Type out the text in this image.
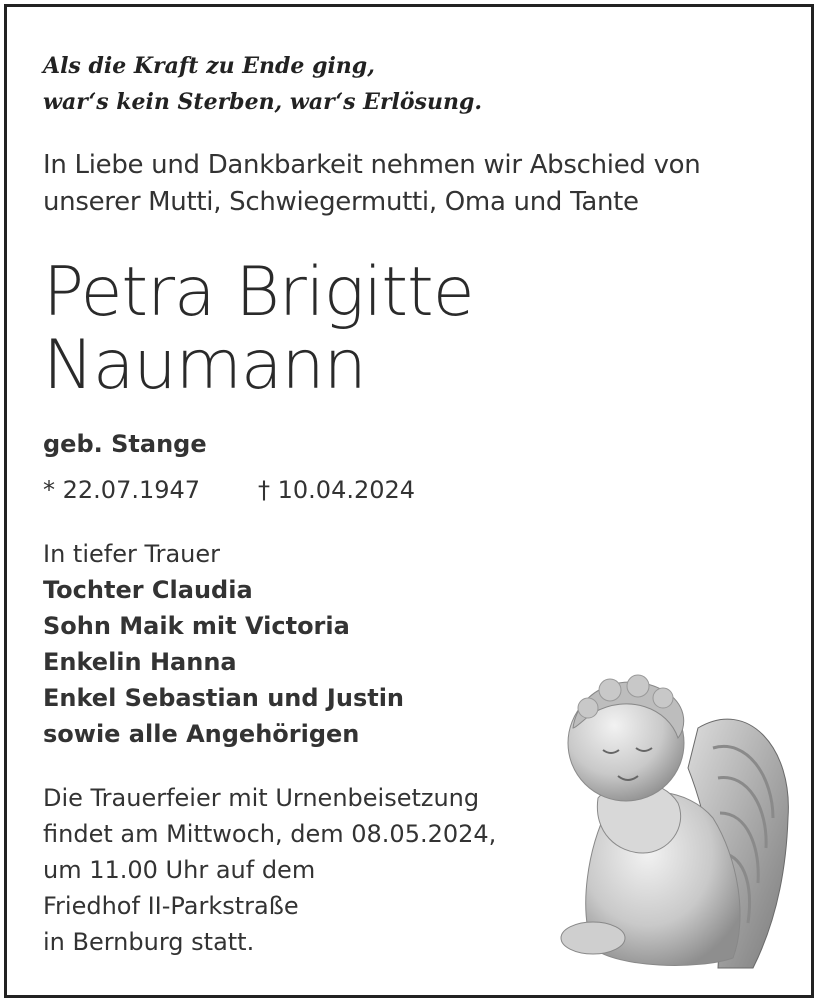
Als die Kraft zu Ende ging,
war‘s kein Sterben, war‘s Erlösung.
In Liebe und Dankbarkeit nehmen wir Abschied von
unserer Mutti, Schwiegermutti, Oma und Tante
Petra Brigitte
Naumann
geb. Stange
* 22.07.1947 † 10.04.2024
In tiefer Trauer
Tochter Claudia
Sohn Maik mit Victoria
Enkelin Hanna
Enkel Sebastian und Justin
sowie alle Angehörigen
Die Trauerfeier mit Urnenbeisetzung
findet am Mittwoch, dem 08.05.2024,
um 11.00 Uhr auf dem
Friedhof II-Parkstraße
in Bernburg statt.
